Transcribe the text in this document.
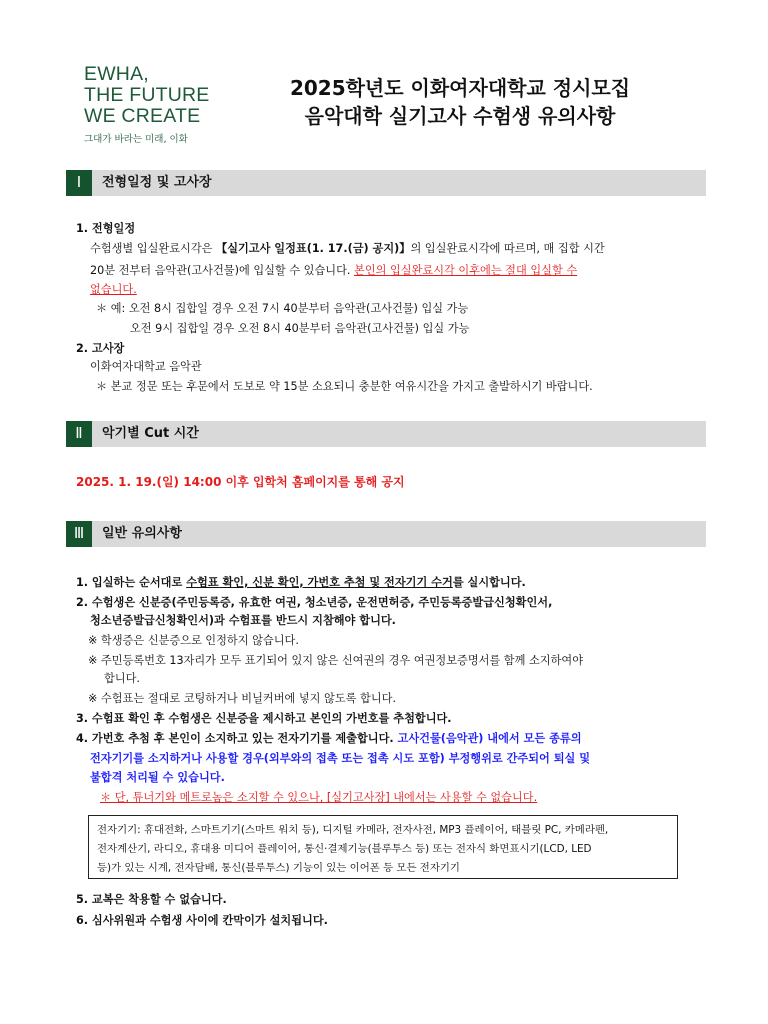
EWHA,
THE FUTURE
WE CREATE
그대가 바라는 미래, 이화
2025학년도 이화여자대학교 정시모집
음악대학 실기고사 수험생 유의사항
Ⅰ	전형일정 및 고사장
1. 전형일정
수험생별 입실완료시각은 【실기고사 일정표(1. 17.(금) 공지)】의 입실완료시각에 따르며, 매 집합 시간
20분 전부터 음악관(고사건물)에 입실할 수 있습니다. 본인의 입실완료시각 이후에는 절대 입실할 수
없습니다.
＊ 예: 오전 8시 집합일 경우 오전 7시 40분부터 음악관(고사건물) 입실 가능
오전 9시 집합일 경우 오전 8시 40분부터 음악관(고사건물) 입실 가능
2. 고사장
이화여자대학교 음악관
＊ 본교 정문 또는 후문에서 도보로 약 15분 소요되니 충분한 여유시간을 가지고 출발하시기 바랍니다.
Ⅱ	악기별 Cut 시간
2025. 1. 19.(일) 14:00 이후 입학처 홈페이지를 통해 공지
Ⅲ	일반 유의사항
1. 입실하는 순서대로 수험표 확인, 신분 확인, 가번호 추첨 및 전자기기 수거를 실시합니다.
2. 수험생은 신분증(주민등록증, 유효한 여권, 청소년증, 운전면허증, 주민등록증발급신청확인서,
청소년증발급신청확인서)과 수험표를 반드시 지참해야 합니다.
※ 학생증은 신분증으로 인정하지 않습니다.
※ 주민등록번호 13자리가 모두 표기되어 있지 않은 신여권의 경우 여권정보증명서를 함께 소지하여야
합니다.
※ 수험표는 절대로 코팅하거나 비닐커버에 넣지 않도록 합니다.
3. 수험표 확인 후 수험생은 신분증을 제시하고 본인의 가번호를 추첨합니다.
4. 가번호 추첨 후 본인이 소지하고 있는 전자기기를 제출합니다. 고사건물(음악관) 내에서 모든 종류의
전자기기를 소지하거나 사용할 경우(외부와의 접촉 또는 접촉 시도 포함) 부정행위로 간주되어 퇴실 및
불합격 처리될 수 있습니다.
＊ 단, 튜너기와 메트로놈은 소지할 수 있으나, [실기고사장] 내에서는 사용할 수 없습니다.
전자기기: 휴대전화, 스마트기기(스마트 워치 등), 디지털 카메라, 전자사전, MP3 플레이어, 태블릿 PC, 카메라펜,
전자계산기, 라디오, 휴대용 미디어 플레이어, 통신·결제기능(블루투스 등) 또는 전자식 화면표시기(LCD, LED
등)가 있는 시계, 전자담배, 통신(블루투스) 기능이 있는 이어폰 등 모든 전자기기
5. 교복은 착용할 수 없습니다.
6. 심사위원과 수험생 사이에 칸막이가 설치됩니다.
